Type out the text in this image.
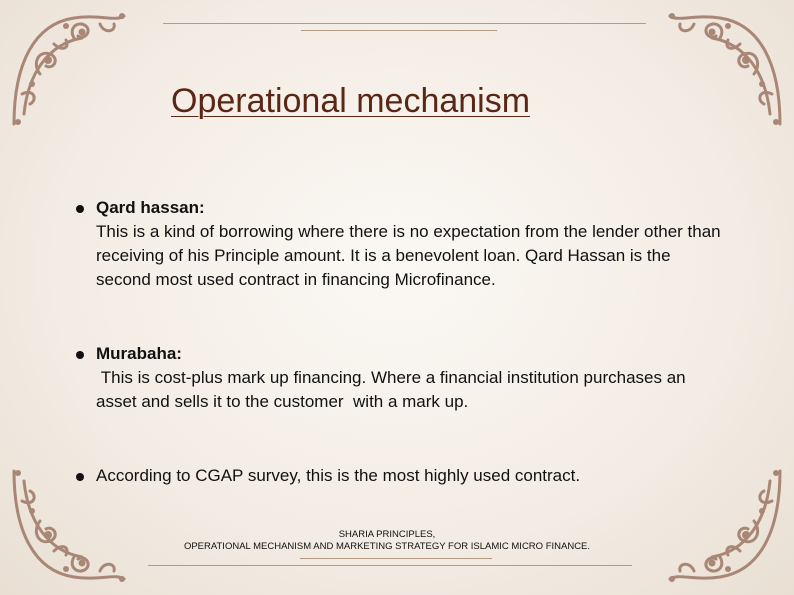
Operational mechanism
Qard hassan:
This is a kind of borrowing where there is no expectation from the lender other than  receiving of his Principle amount. It is a benevolent loan. Qard Hassan is the second most used contract in financing Microfinance.
Murabaha:
This is cost-plus mark up financing. Where a financial institution purchases an asset and sells it to the customer  with a mark up.
According to CGAP survey, this is the most highly used contract.
SHARIA PRINCIPLES,
OPERATIONAL MECHANISM AND MARKETING STRATEGY FOR ISLAMIC MICRO FINANCE.
